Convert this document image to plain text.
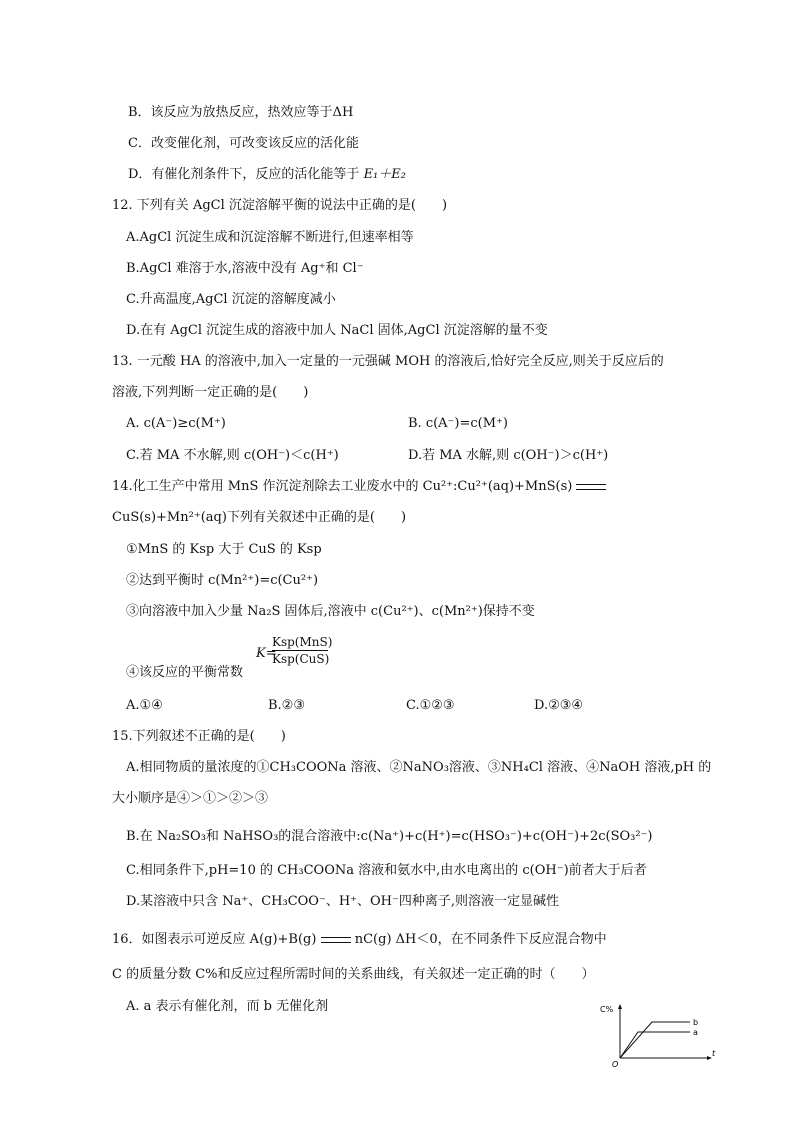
B．该反应为放热反应，热效应等于ΔH
C．改变催化剂，可改变该反应的活化能
D．有催化剂条件下，反应的活化能等于 E₁＋E₂
12. 下列有关 AgCl 沉淀溶解平衡的说法中正确的是(　　)
A.AgCl 沉淀生成和沉淀溶解不断进行,但速率相等
B.AgCl 难溶于水,溶液中没有 Ag⁺和 Cl⁻
C.升高温度,AgCl 沉淀的溶解度减小
D.在有 AgCl 沉淀生成的溶液中加人 NaCl 固体,AgCl 沉淀溶解的量不变
13. 一元酸 HA 的溶液中,加入一定量的一元强碱 MOH 的溶液后,恰好完全反应,则关于反应后的
溶液,下列判断一定正确的是(　　)
A. c(A⁻)≥c(M⁺)	B. c(A⁻)=c(M⁺)
C.若 MA 不水解,则 c(OH⁻)＜c(H⁺)	D.若 MA 水解,则 c(OH⁻)＞c(H⁺)
14.化工生产中常用 MnS 作沉淀剂除去工业废水中的 Cu²⁺:Cu²⁺(aq)+MnS(s)
CuS(s)+Mn²⁺(aq)下列有关叙述中正确的是(　　)
①MnS 的 Ksp 大于 CuS 的 Ksp
②达到平衡时 c(Mn²⁺)=c(Cu²⁺)
③向溶液中加入少量 Na₂S 固体后,溶液中 c(Cu²⁺)、c(Mn²⁺)保持不变
④该反应的平衡常数
K=
Ksp(MnS)
Ksp(CuS)
A.①④	B.②③	C.①②③	D.②③④
15.下列叙述不正确的是(　　)
A.相同物质的量浓度的①CH₃COONa 溶液、②NaNO₃溶液、③NH₄Cl 溶液、④NaOH 溶液,pH 的
大小顺序是④＞①＞②＞③
B.在 Na₂SO₃和 NaHSO₃的混合溶液中:c(Na⁺)+c(H⁺)=c(HSO₃⁻)+c(OH⁻)+2c(SO₃²⁻)
C.相同条件下,pH=10 的 CH₃COONa 溶液和氨水中,由水电离出的 c(OH⁻)前者大于后者
D.某溶液中只含 Na⁺、CH₃COO⁻、H⁺、OH⁻四种离子,则溶液一定显碱性
16．如图表示可逆反应 A(g)+B(g)	nC(g) ΔH＜0，在不同条件下反应混合物中
C 的质量分数 C%和反应过程所需时间的关系曲线，有关叙述一定正确的时（　　）
A. a 表示有催化剂，而 b 无催化剂	C%
t
O
b
a
